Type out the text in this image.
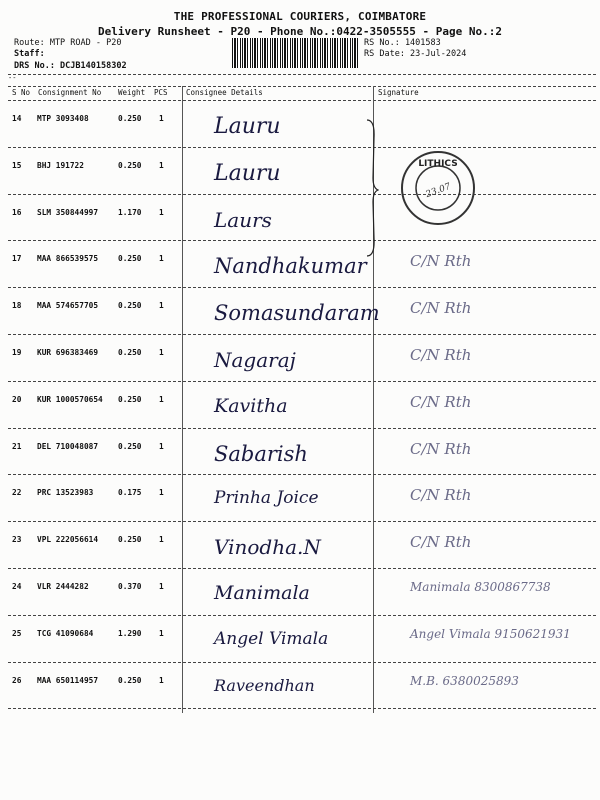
THE PROFESSIONAL COURIERS, COIMBATORE
Delivery Runsheet - P20 - Phone No.:0422-3505555 - Page No.:2
Route: MTP ROAD - P20
Staff:
DRS No.: DCJB140158302
RS No.: 1401583
RS Date: 23-Jul-2024
--
S No Consignment No Weight PCS Consignee Details	Signature
14 MTP 3093408	0.250 1 Lauru
15 BHJ 191722	0.250 1 Lauru
16 SLM 350844997	1.170 1	Laurs
17 MAA 866539575	0.250 1 Nandhakumar	C/N Rth
18 MAA 574657705	0.250 1 Somasundaram C/N Rth
19 KUR 696383469	0.250 1	Nagaraj	C/N Rth
20 KUR 1000570654 0.250 1	Kavitha	C/N Rth
21 DEL 710048087	0.250 1 Sabarish	C/N Rth
22 PRC 13523983	0.175 1	Prinha Joice	C/N Rth
23 VPL 222056614	0.250 1	Vinodha.N	C/N Rth
24 VLR 2444282	0.370 1	Manimala	Manimala 8300867738
25 TCG 41090684	1.290 1	Angel Vimala	Angel Vimala 9150621931
26 MAA 650114957	0.250 1	Raveendhan	M.B. 6380025893
LITHICS
23.07
